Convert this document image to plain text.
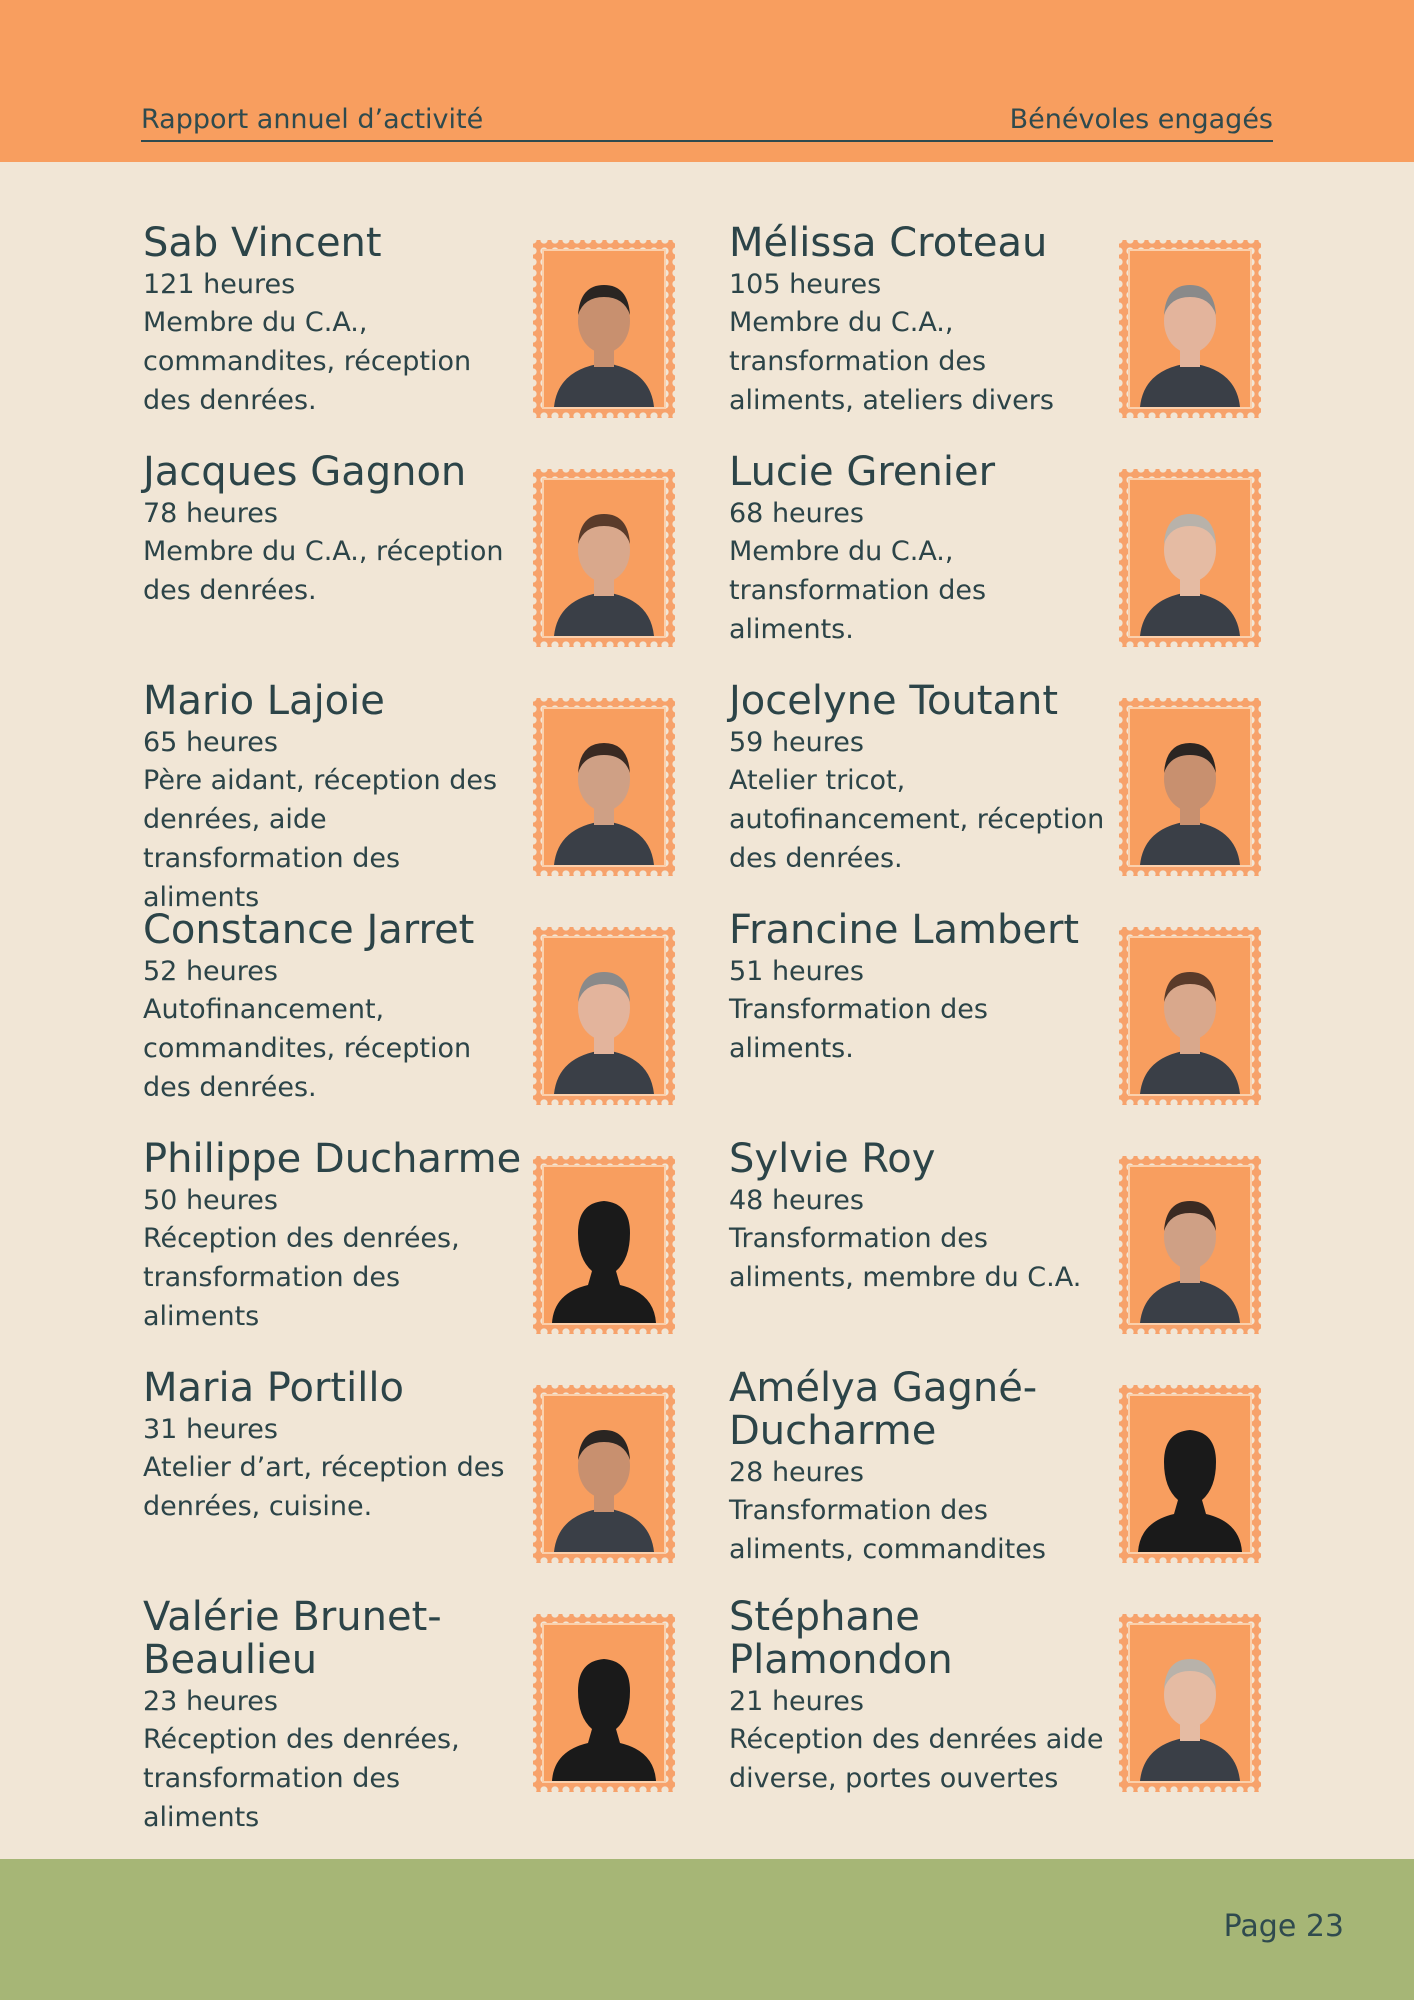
Rapport annuel d’activité	Bénévoles engagés
Sab Vincent
121 heures
Membre du C.A., commandites, réception des denrées.
Mélissa Croteau
105 heures
Membre du C.A., transformation des aliments, ateliers divers
Jacques Gagnon
78 heures
Membre du C.A., réception des denrées.
Lucie Grenier
68 heures
Membre du C.A., transformation des aliments.
Mario Lajoie
65 heures
Père aidant, réception des denrées, aide transformation des aliments
Jocelyne Toutant
59 heures
Atelier tricot, autofinancement, réception des denrées.
Constance Jarret
52 heures
Autofinancement, commandites, réception des denrées.
Francine Lambert
51 heures
Transformation des aliments.
Philippe Ducharme
50 heures
Réception des denrées, transformation des aliments
Sylvie Roy
48 heures
Transformation des aliments, membre du C.A.
Maria Portillo
31 heures
Atelier d’art, réception des denrées, cuisine.
Amélya Gagné-Ducharme
28 heures
Transformation des aliments, commandites
Valérie Brunet-Beaulieu
23 heures
Réception des denrées, transformation des aliments
Stéphane Plamondon
21 heures
Réception des denrées aide diverse, portes ouvertes
Page 23
